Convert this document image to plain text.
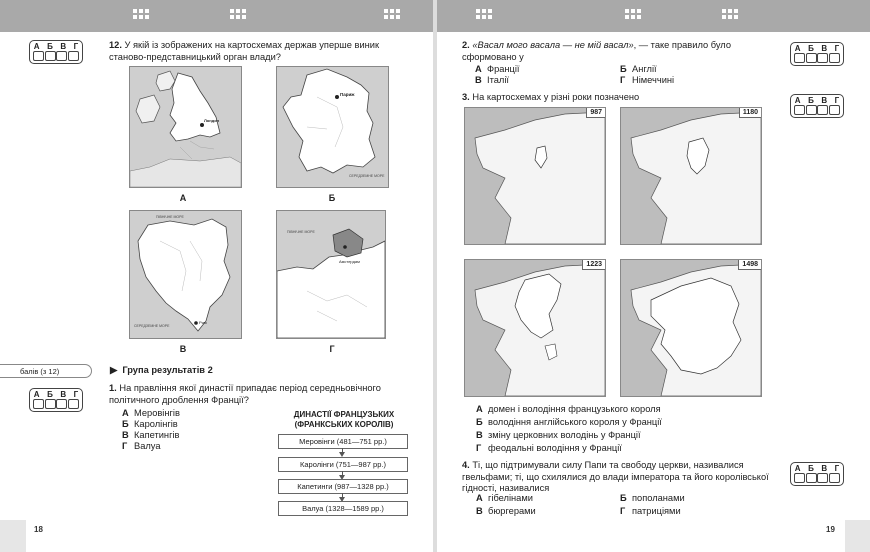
18	19
А Б В Г	12. У якій із зображених на картосхемах держав уперше виник станово-представницький орган влади?
Лондон
А
Париж
СЕРЕДЗЕМНЕ МОРЕ
Б
ПІВНІЧНЕ МОРЕ
СЕРЕДЗЕМНЕ МОРЕ
Рим
В
ПІВНІЧНЕ МОРЕ
Амстердам
Г
балів (з 12)	▶  Група результатів 2
А Б В Г
1. На правління якої династії припадає період середньовічного політичного дроблення Франції?
А Меровінгів
Б Каролінгів
В Капетингів
Г Валуа
ДИНАСТІЇ ФРАНЦУЗЬКИХ (ФРАНКСЬКИХ КОРОЛІВ)
Меровінги (481—751 рр.)
Каролінги (751—987 рр.)
Капетинги (987—1328 рр.)
Валуа (1328—1589 рр.)
2. «Васал мого васала — не мій васал», — таке правило було сформовано у
А Франції	Б Англії
В Італії	Г Німеччині
А Б В Г
А Б В Г
3. На картосхемах у різні роки позначено
987	1180
1223	1498
А домен і володіння французького короля
Б володіння англійського короля у Франції
В зміну церковних володінь у Франції
Г феодальні володіння у Франції
4. Ті, що підтримували силу Папи та свободу церкви, називалися гвельфами; ті, що схилялися до влади імператора та його королівської гідності, називалися
А Б В Г
А гібелінами	Б пополанами
В бюргерами	Г патриціями
